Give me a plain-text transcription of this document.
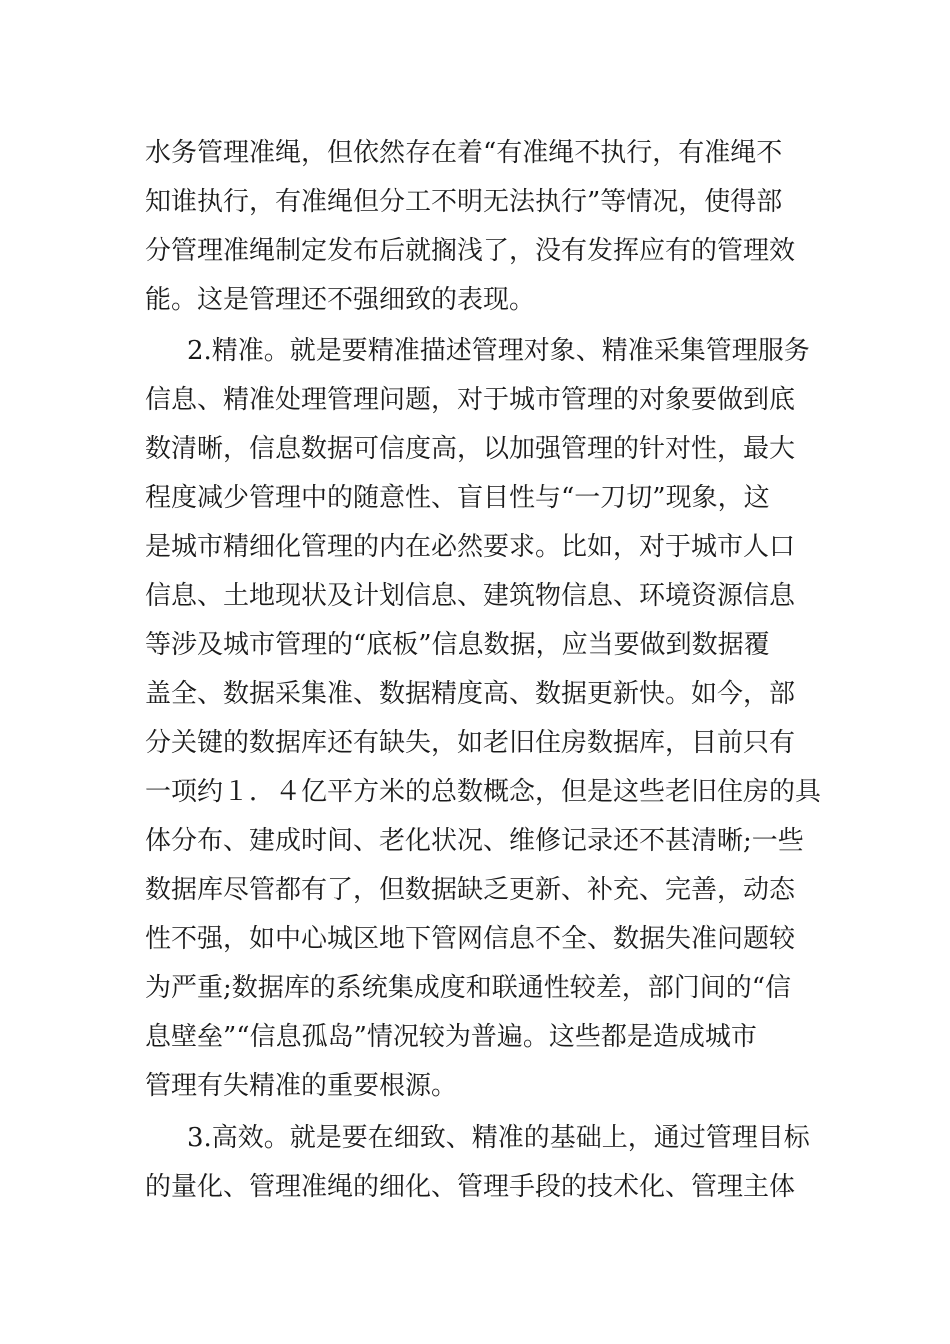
水务管理准绳，但依然存在着“有准绳不执行，有准绳不
知谁执行，有准绳但分工不明无法执行”等情况，使得部
分管理准绳制定发布后就搁浅了，没有发挥应有的管理效
能。这是管理还不强细致的表现。
2.精准。就是要精准描述管理对象、精准采集管理服务
信息、精准处理管理问题，对于城市管理的对象要做到底
数清晰，信息数据可信度高，以加强管理的针对性，最大
程度减少管理中的随意性、盲目性与“一刀切”现象，这
是城市精细化管理的内在必然要求。比如，对于城市人口
信息、土地现状及计划信息、建筑物信息、环境资源信息
等涉及城市管理的“底板”信息数据，应当要做到数据覆
盖全、数据采集准、数据精度高、数据更新快。如今，部
分关键的数据库还有缺失，如老旧住房数据库，目前只有
一项约１．４亿平方米的总数概念，但是这些老旧住房的具
体分布、建成时间、老化状况、维修记录还不甚清晰;一些
数据库尽管都有了，但数据缺乏更新、补充、完善，动态
性不强，如中心城区地下管网信息不全、数据失准问题较
为严重;数据库的系统集成度和联通性较差，部门间的“信
息壁垒”“信息孤岛”情况较为普遍。这些都是造成城市
管理有失精准的重要根源。
3.高效。就是要在细致、精准的基础上，通过管理目标
的量化、管理准绳的细化、管理手段的技术化、管理主体
